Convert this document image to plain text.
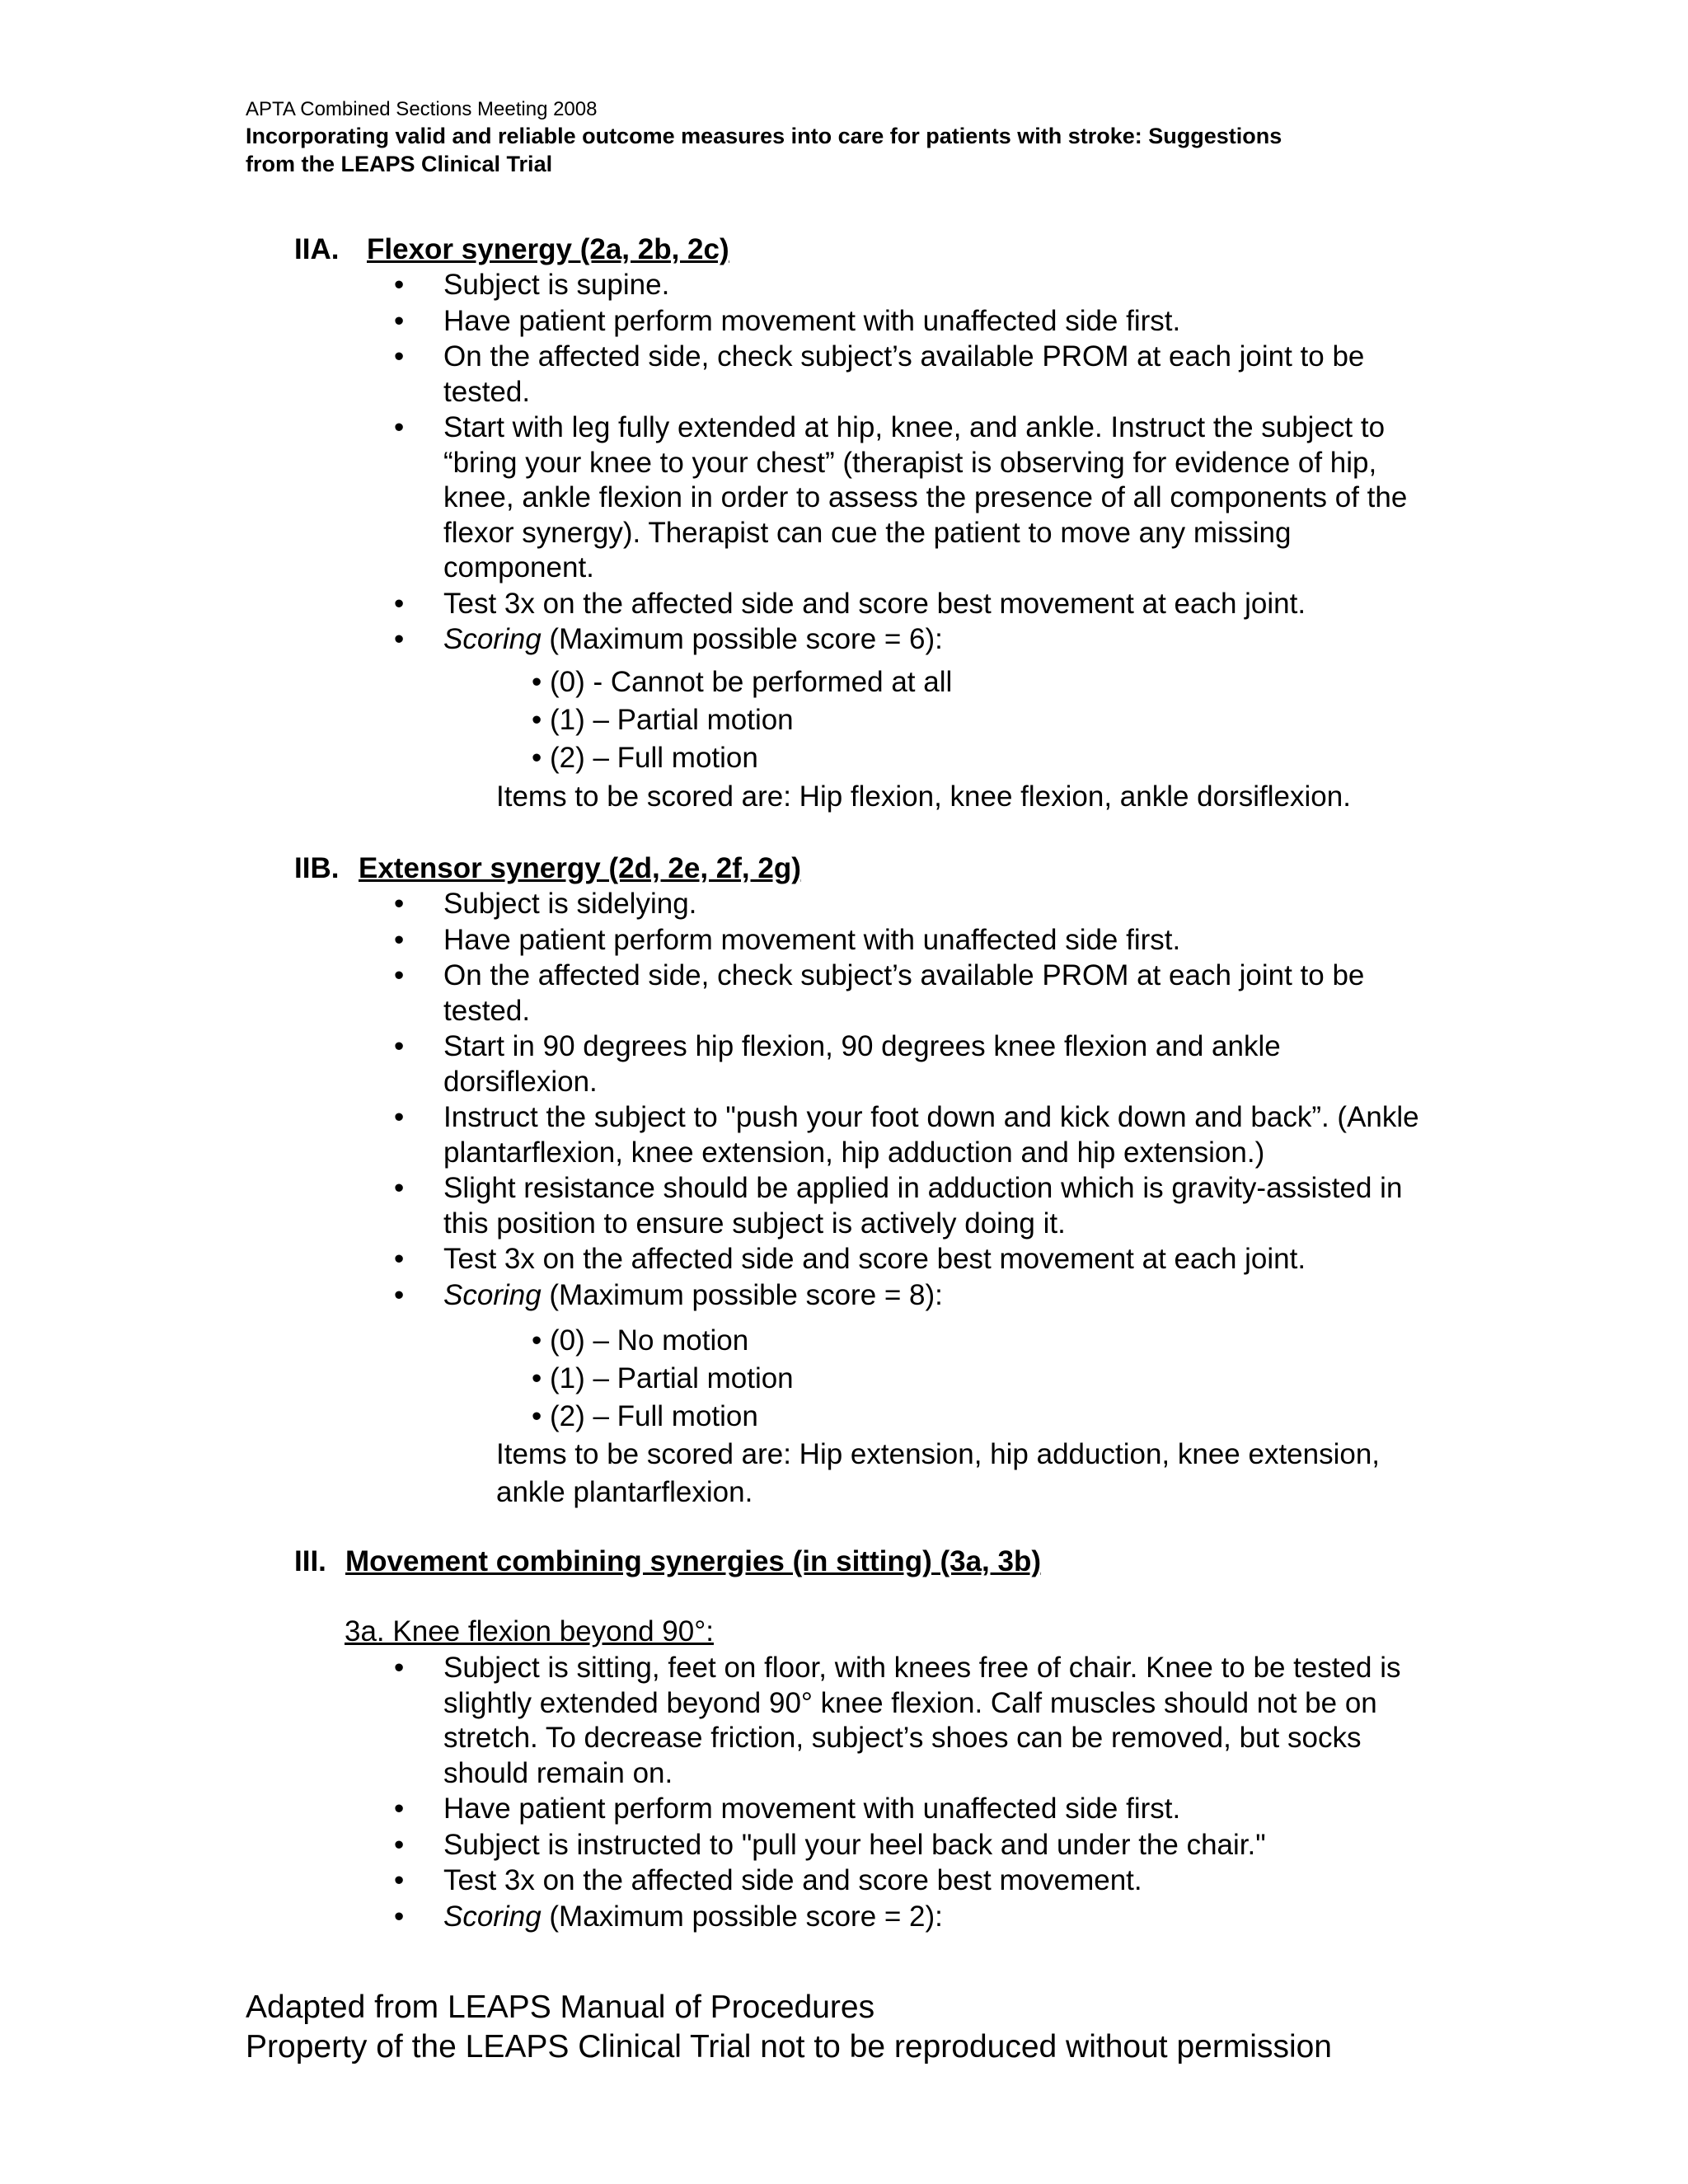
APTA Combined Sections Meeting 2008
Incorporating valid and reliable outcome measures into care for patients with stroke: Suggestions
from the LEAPS Clinical Trial
IIA. Flexor synergy (2a, 2b, 2c)
• Subject is supine.
• Have patient perform movement with unaffected side first.
• On the affected side, check subject’s available PROM at each joint to be tested.
• Start with leg fully extended at hip, knee, and ankle. Instruct the subject to “bring your knee to your chest” (therapist is observing for evidence of hip, knee, ankle flexion in order to assess the presence of all components of the flexor synergy). Therapist can cue the patient to move any missing component.
• Test 3x on the affected side and score best movement at each joint.
• Scoring (Maximum possible score = 6):
• (0) - Cannot be performed at all
• (1) – Partial motion
• (2) – Full motion
Items to be scored are: Hip flexion, knee flexion, ankle dorsiflexion.
IIB. Extensor synergy (2d, 2e, 2f, 2g)
• Subject is sidelying.
• Have patient perform movement with unaffected side first.
• On the affected side, check subject’s available PROM at each joint to be tested.
• Start in 90 degrees hip flexion, 90 degrees knee flexion and ankle dorsiflexion.
• Instruct the subject to "push your foot down and kick down and back”. (Ankle plantarflexion, knee extension, hip adduction and hip extension.)
• Slight resistance should be applied in adduction which is gravity-assisted in this position to ensure subject is actively doing it.
• Test 3x on the affected side and score best movement at each joint.
• Scoring (Maximum possible score = 8):
• (0) – No motion
• (1) – Partial motion
• (2) – Full motion
Items to be scored are: Hip extension, hip adduction, knee extension, ankle plantarflexion.
III. Movement combining synergies (in sitting) (3a, 3b)
3a. Knee flexion beyond 90°:
• Subject is sitting, feet on floor, with knees free of chair. Knee to be tested is slightly extended beyond 90° knee flexion. Calf muscles should not be on stretch. To decrease friction, subject’s shoes can be removed, but socks should remain on.
• Have patient perform movement with unaffected side first.
• Subject is instructed to "pull your heel back and under the chair."
• Test 3x on the affected side and score best movement.
• Scoring (Maximum possible score = 2):
Adapted from LEAPS Manual of Procedures
Property of the LEAPS Clinical Trial not to be reproduced without permission
